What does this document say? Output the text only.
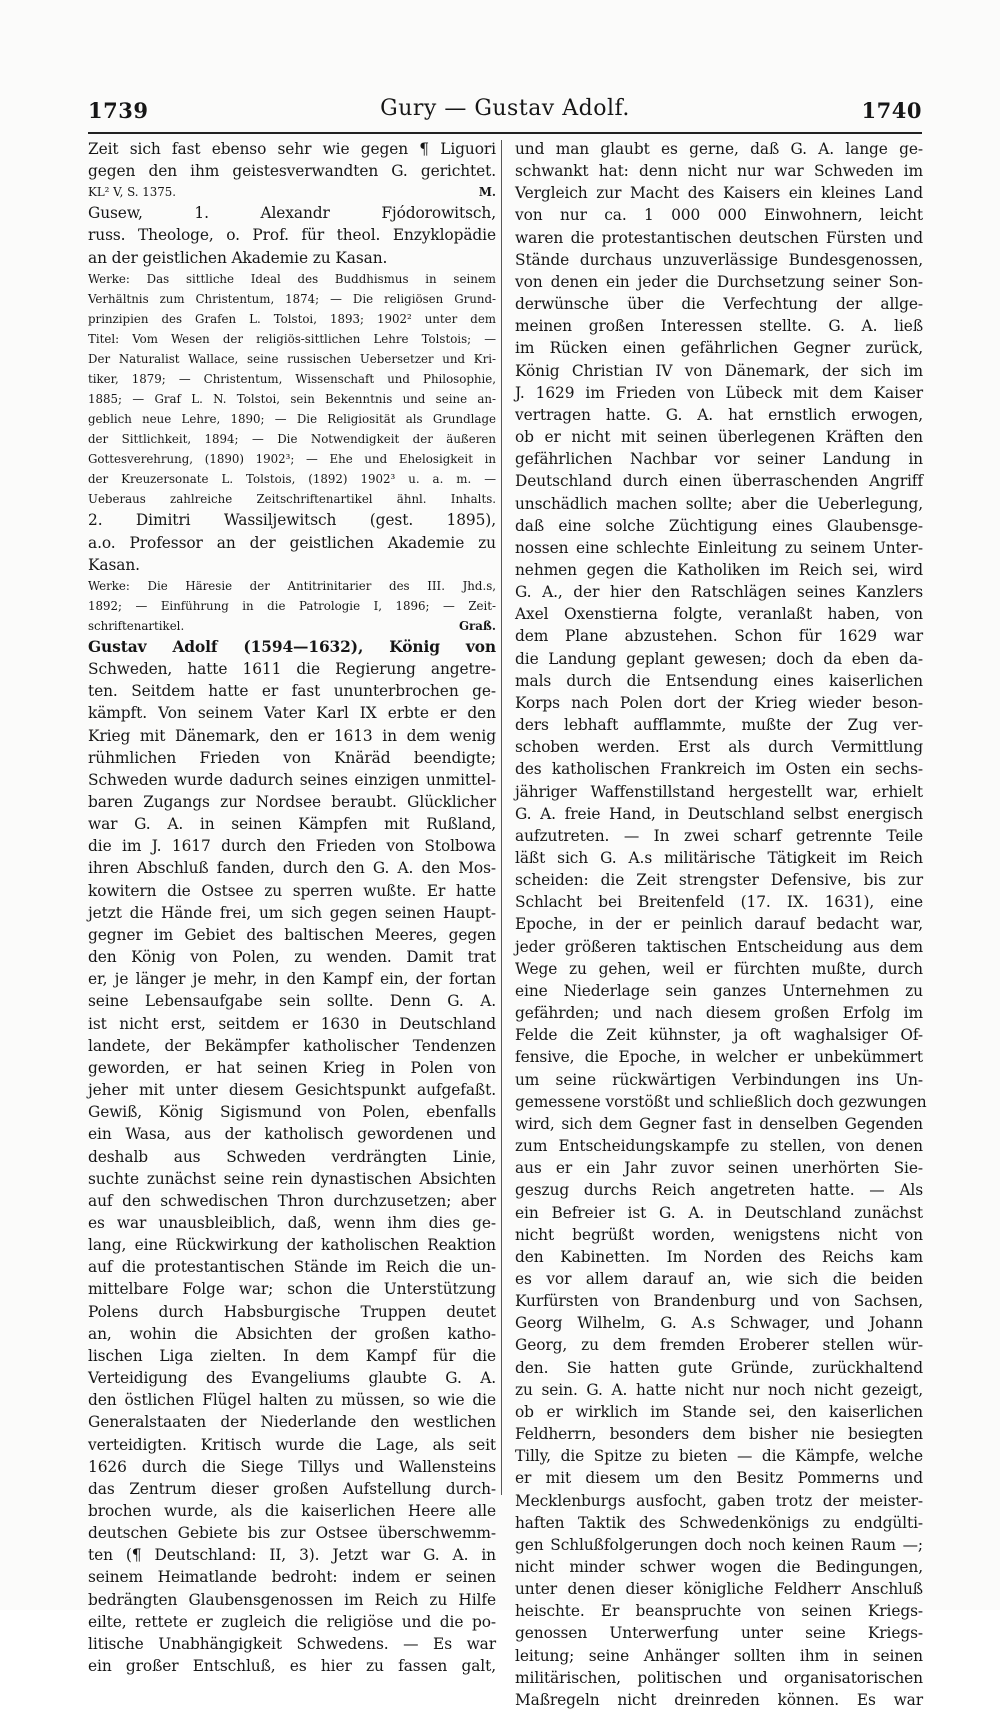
1739	Gury — Gustav Adolf.	1740

Zeit sich fast ebenso sehr wie gegen ¶ Liguori

gegen den ihm geistesverwandten G. gerichtet.

KL² V, S. 1375.	M.

Gusew, 1. Alexandr Fjódorowitsch,

russ. Theologe, o. Prof. für theol. Enzyklopädie

an der geistlichen Akademie zu Kasan.

Werke: Das sittliche Ideal des Buddhismus in seinem

Verhältnis zum Christentum, 1874; — Die religiösen Grund-

prinzipien des Grafen L. Tolstoi, 1893; 1902² unter dem

Titel: Vom Wesen der religiös-sittlichen Lehre Tolstois; —

Der Naturalist Wallace, seine russischen Uebersetzer und Kri-

tiker, 1879; — Christentum, Wissenschaft und Philosophie,

1885; — Graf L. N. Tolstoi, sein Bekenntnis und seine an-

geblich neue Lehre, 1890; — Die Religiosität als Grundlage

der Sittlichkeit, 1894; — Die Notwendigkeit der äußeren

Gottesverehrung, (1890) 1902³; — Ehe und Ehelosigkeit in

der Kreuzersonate L. Tolstois, (1892) 1902³ u. a. m. —

Ueberaus zahlreiche Zeitschriftenartikel ähnl. Inhalts.

2. Dimitri Wassiljewitsch (gest. 1895),

a.o. Professor an der geistlichen Akademie zu

Kasan.

Werke: Die Häresie der Antitrinitarier des III. Jhd.s,

1892; — Einführung in die Patrologie I, 1896; — Zeit-

schriftenartikel.	Graß.

Gustav Adolf (1594—1632), König von

Schweden, hatte 1611 die Regierung angetre-

ten. Seitdem hatte er fast ununterbrochen ge-

kämpft. Von seinem Vater Karl IX erbte er den

Krieg mit Dänemark, den er 1613 in dem wenig

rühmlichen Frieden von Knäräd beendigte;

Schweden wurde dadurch seines einzigen unmittel-

baren Zugangs zur Nordsee beraubt. Glücklicher

war G. A. in seinen Kämpfen mit Rußland,

die im J. 1617 durch den Frieden von Stolbowa

ihren Abschluß fanden, durch den G. A. den Mos-

kowitern die Ostsee zu sperren wußte. Er hatte

jetzt die Hände frei, um sich gegen seinen Haupt-

gegner im Gebiet des baltischen Meeres, gegen

den König von Polen, zu wenden. Damit trat

er, je länger je mehr, in den Kampf ein, der fortan

seine Lebensaufgabe sein sollte. Denn G. A.

ist nicht erst, seitdem er 1630 in Deutschland

landete, der Bekämpfer katholischer Tendenzen

geworden, er hat seinen Krieg in Polen von

jeher mit unter diesem Gesichtspunkt aufgefaßt.

Gewiß, König Sigismund von Polen, ebenfalls

ein Wasa, aus der katholisch gewordenen und

deshalb aus Schweden verdrängten Linie,

suchte zunächst seine rein dynastischen Absichten

auf den schwedischen Thron durchzusetzen; aber

es war unausbleiblich, daß, wenn ihm dies ge-

lang, eine Rückwirkung der katholischen Reaktion

auf die protestantischen Stände im Reich die un-

mittelbare Folge war; schon die Unterstützung

Polens durch Habsburgische Truppen deutet

an, wohin die Absichten der großen katho-

lischen Liga zielten. In dem Kampf für die

Verteidigung des Evangeliums glaubte G. A.

den östlichen Flügel halten zu müssen, so wie die

Generalstaaten der Niederlande den westlichen

verteidigten. Kritisch wurde die Lage, als seit

1626 durch die Siege Tillys und Wallensteins

das Zentrum dieser großen Aufstellung durch-

brochen wurde, als die kaiserlichen Heere alle

deutschen Gebiete bis zur Ostsee überschwemm-

ten (¶ Deutschland: II, 3). Jetzt war G. A. in

seinem Heimatlande bedroht: indem er seinen

bedrängten Glaubensgenossen im Reich zu Hilfe

eilte, rettete er zugleich die religiöse und die po-

litische Unabhängigkeit Schwedens. — Es war

ein großer Entschluß, es hier zu fassen galt,

und man glaubt es gerne, daß G. A. lange ge-

schwankt hat: denn nicht nur war Schweden im

Vergleich zur Macht des Kaisers ein kleines Land

von nur ca. 1 000 000 Einwohnern, leicht

waren die protestantischen deutschen Fürsten und

Stände durchaus unzuverlässige Bundesgenossen,

von denen ein jeder die Durchsetzung seiner Son-

derwünsche über die Verfechtung der allge-

meinen großen Interessen stellte. G. A. ließ

im Rücken einen gefährlichen Gegner zurück,

König Christian IV von Dänemark, der sich im

J. 1629 im Frieden von Lübeck mit dem Kaiser

vertragen hatte. G. A. hat ernstlich erwogen,

ob er nicht mit seinen überlegenen Kräften den

gefährlichen Nachbar vor seiner Landung in

Deutschland durch einen überraschenden Angriff

unschädlich machen sollte; aber die Ueberlegung,

daß eine solche Züchtigung eines Glaubensge-

nossen eine schlechte Einleitung zu seinem Unter-

nehmen gegen die Katholiken im Reich sei, wird

G. A., der hier den Ratschlägen seines Kanzlers

Axel Oxenstierna folgte, veranlaßt haben, von

dem Plane abzustehen. Schon für 1629 war

die Landung geplant gewesen; doch da eben da-

mals durch die Entsendung eines kaiserlichen

Korps nach Polen dort der Krieg wieder beson-

ders lebhaft aufflammte, mußte der Zug ver-

schoben werden. Erst als durch Vermittlung

des katholischen Frankreich im Osten ein sechs-

jähriger Waffenstillstand hergestellt war, erhielt

G. A. freie Hand, in Deutschland selbst energisch

aufzutreten. — In zwei scharf getrennte Teile

läßt sich G. A.s militärische Tätigkeit im Reich

scheiden: die Zeit strengster Defensive, bis zur

Schlacht bei Breitenfeld (17. IX. 1631), eine

Epoche, in der er peinlich darauf bedacht war,

jeder größeren taktischen Entscheidung aus dem

Wege zu gehen, weil er fürchten mußte, durch

eine Niederlage sein ganzes Unternehmen zu

gefährden; und nach diesem großen Erfolg im

Felde die Zeit kühnster, ja oft waghalsiger Of-

fensive, die Epoche, in welcher er unbekümmert

um seine rückwärtigen Verbindungen ins Un-

gemessene vorstößt und schließlich doch gezwungen

wird, sich dem Gegner fast in denselben Gegenden

zum Entscheidungskampfe zu stellen, von denen

aus er ein Jahr zuvor seinen unerhörten Sie-

geszug durchs Reich angetreten hatte. — Als

ein Befreier ist G. A. in Deutschland zunächst

nicht begrüßt worden, wenigstens nicht von

den Kabinetten. Im Norden des Reichs kam

es vor allem darauf an, wie sich die beiden

Kurfürsten von Brandenburg und von Sachsen,

Georg Wilhelm, G. A.s Schwager, und Johann

Georg, zu dem fremden Eroberer stellen wür-

den. Sie hatten gute Gründe, zurückhaltend

zu sein. G. A. hatte nicht nur noch nicht gezeigt,

ob er wirklich im Stande sei, den kaiserlichen

Feldherrn, besonders dem bisher nie besiegten

Tilly, die Spitze zu bieten — die Kämpfe, welche

er mit diesem um den Besitz Pommerns und

Mecklenburgs ausfocht, gaben trotz der meister-

haften Taktik des Schwedenkönigs zu endgülti-

gen Schlußfolgerungen doch noch keinen Raum —;

nicht minder schwer wogen die Bedingungen,

unter denen dieser königliche Feldherr Anschluß

heischte. Er beanspruchte von seinen Kriegs-

genossen Unterwerfung unter seine Kriegs-

leitung; seine Anhänger sollten ihm in seinen

militärischen, politischen und organisatorischen

Maßregeln nicht dreinreden können. Es war
